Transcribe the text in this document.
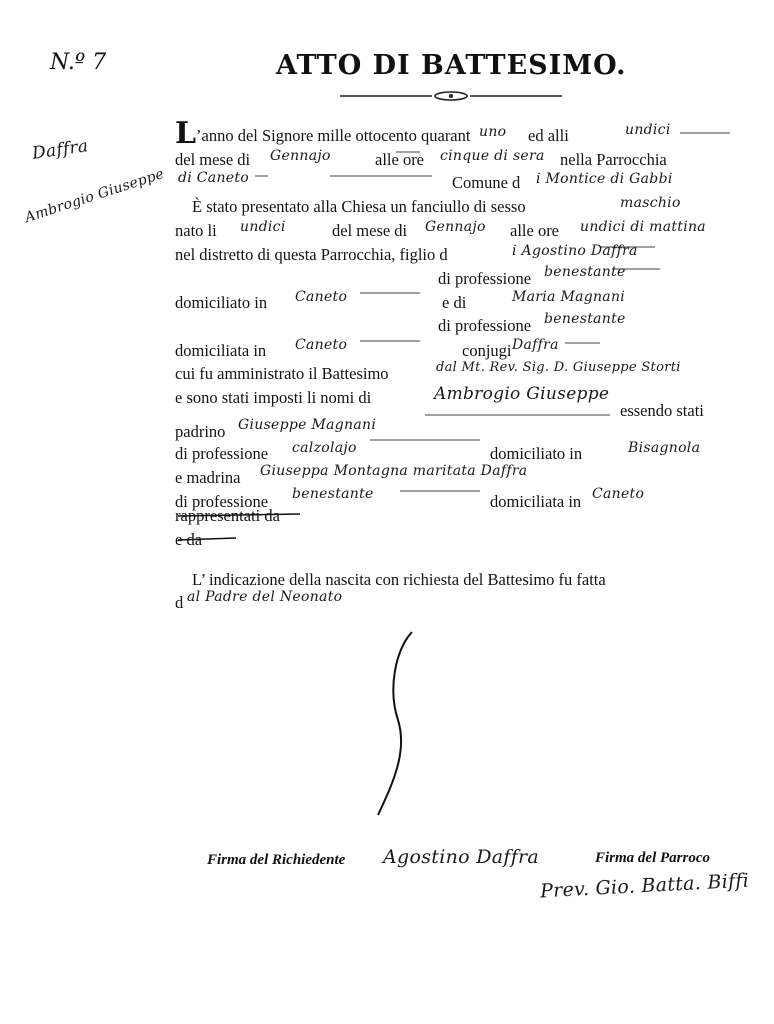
N.º 7	ATTO DI BATTESIMO.
Daffra
Ambrogio Giuseppe
L ’anno del Signore mille ottocento quarant uno ed alli	undici
del mese di Gennajo	alle ore cinque di sera nella Parrocchia
di Caneto	Comune d i Montice di Gabbi
È stato presentato alla Chiesa un fanciullo di sesso	maschio
nato li undici	del mese di Gennajo alle ore undici di mattina
nel distretto di questa Parrocchia, figlio d	i Agostino Daffra
di professione benestante
domiciliato in Caneto	e di	Maria Magnani
di professione benestante
domiciliata in Caneto	conjugi Daffra
cui fu amministrato il Battesimo	dal Mt. Rev. Sig. D. Giuseppe Storti
e sono stati imposti li nomi di	Ambrogio Giuseppe
essendo stati
padrino Giuseppe Magnani
di professione calzolajo	domiciliato in	Bisagnola
e madrina Giuseppa Montagna maritata Daffra
di professione benestante	domiciliata in Caneto
rappresentati da
e da
L’ indicazione della nascita con richiesta del Battesimo fu fatta
d al Padre del Neonato
Firma del Richiedente Agostino Daffra	Firma del Parroco
Prev. Gio. Batta. Biffi
